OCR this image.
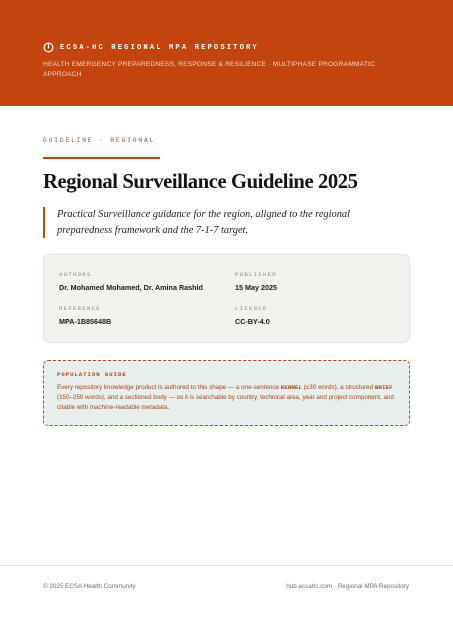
ECSA-HC REGIONAL MPA REPOSITORY
HEALTH EMERGENCY PREPAREDNESS, RESPONSE & RESILIENCE · MULTIPHASE PROGRAMMATIC APPROACH
GUIDELINE · REGIONAL
Regional Surveillance Guideline 2025

Practical Surveillance guidance for the region, aligned to the regional preparedness framework and the 7-1-7 target.

AUTHORS
Dr. Mohamed Mohamed, Dr. Amina Rashid
PUBLISHED
15 May 2025
REFERENCE
MPA-1B85648B
LICENCE
CC-BY-4.0
POPULATION GUIDE
Every repository knowledge product is authored to this shape — a one-sentence KERNEL (≤30 words), a structured BRIEF (150–250 words), and a sectioned body — so it is searchable by country, technical area, year and project component, and citable with machine-readable metadata.
© 2025 ECSA Health Community	hub.ecsahc.com · Regional MPA Repository
